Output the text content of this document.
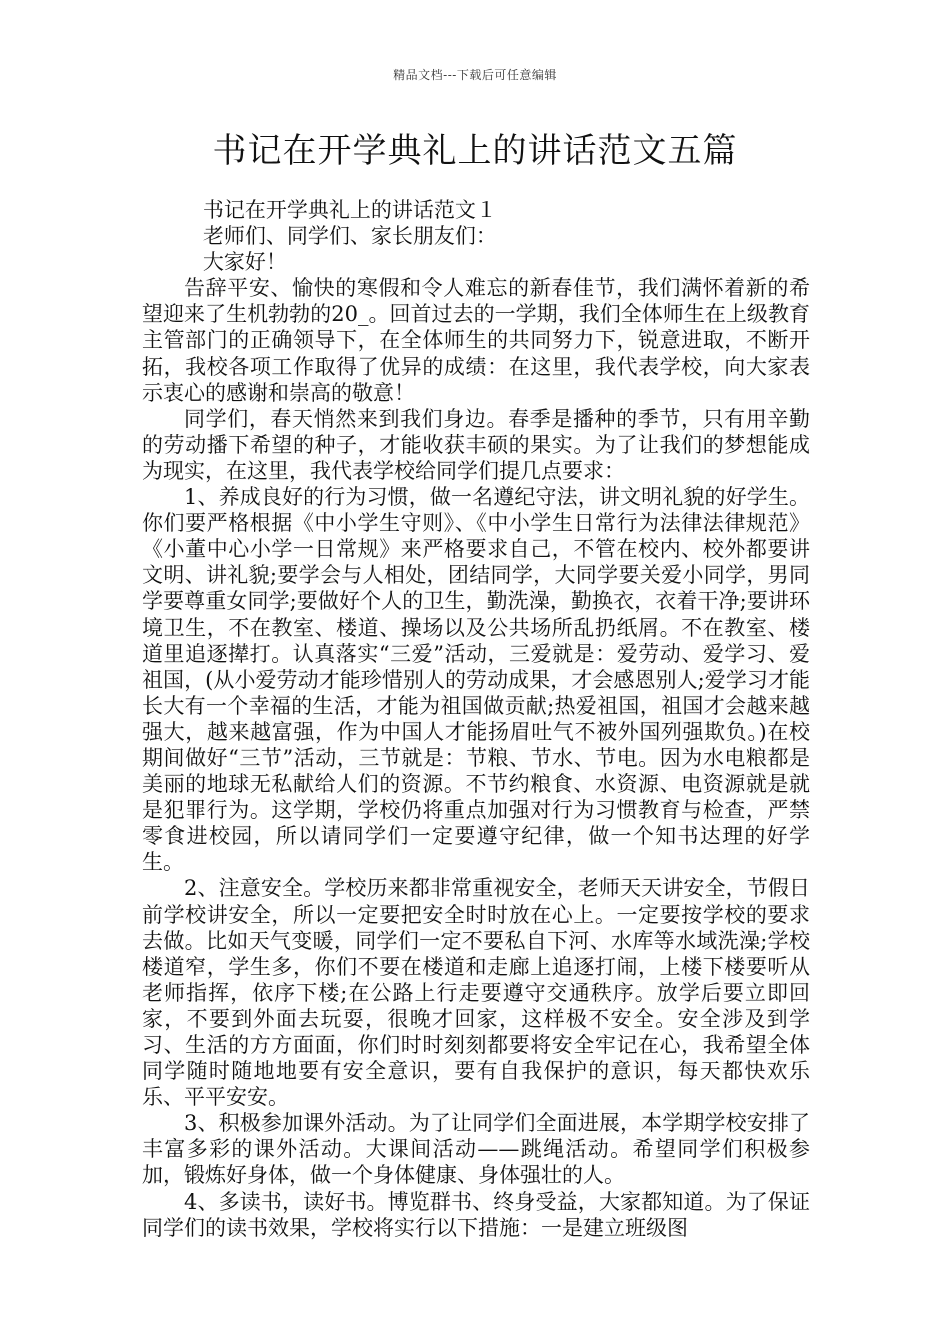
精品文档---下载后可任意编辑
书记在开学典礼上的讲话范文五篇

书记在开学典礼上的讲话范文１

老师们、同学们、家长朋友们：

大家好！

告辞平安、愉快的寒假和令人难忘的新春佳节，我们满怀着新的希望迎来了生机勃勃的20_。回首过去的一学期，我们全体师生在上级教育主管部门的正确领导下，在全体师生的共同努力下，锐意进取，不断开拓，我校各项工作取得了优异的成绩：在这里，我代表学校，向大家表示衷心的感谢和崇高的敬意！

同学们，春天悄然来到我们身边。春季是播种的季节，只有用辛勤的劳动播下希望的种子，才能收获丰硕的果实。为了让我们的梦想能成为现实，在这里，我代表学校给同学们提几点要求：

1、养成良好的行为习惯，做一名遵纪守法，讲文明礼貌的好学生。你们要严格根据《中小学生守则》、《中小学生日常行为法律法律规范》《小董中心小学一日常规》来严格要求自己，不管在校内、校外都要讲文明、讲礼貌;要学会与人相处，团结同学，大同学要关爱小同学，男同学要尊重女同学;要做好个人的卫生，勤洗澡，勤换衣，衣着干净;要讲环境卫生，不在教室、楼道、操场以及公共场所乱扔纸屑。不在教室、楼道里追逐撵打。认真落实“三爱”活动，三爱就是：爱劳动、爱学习、爱祖国，(从小爱劳动才能珍惜别人的劳动成果，才会感恩别人;爱学习才能长大有一个幸福的生活，才能为祖国做贡献;热爱祖国，祖国才会越来越强大，越来越富强，作为中国人才能扬眉吐气不被外国列强欺负。)在校期间做好“三节”活动，三节就是：节粮、节水、节电。因为水电粮都是美丽的地球无私献给人们的资源。不节约粮食、水资源、电资源就是就是犯罪行为。这学期，学校仍将重点加强对行为习惯教育与检查，严禁零食进校园，所以请同学们一定要遵守纪律，做一个知书达理的好学生。

2、注意安全。学校历来都非常重视安全，老师天天讲安全，节假日前学校讲安全，所以一定要把安全时时放在心上。一定要按学校的要求去做。比如天气变暖，同学们一定不要私自下河、水库等水域洗澡;学校楼道窄，学生多，你们不要在楼道和走廊上追逐打闹，上楼下楼要听从老师指挥，依序下楼;在公路上行走要遵守交通秩序。放学后要立即回家，不要到外面去玩耍，很晚才回家，这样极不安全。安全涉及到学习、生活的方方面面，你们时时刻刻都要将安全牢记在心，我希望全体同学随时随地地要有安全意识，要有自我保护的意识，每天都快欢乐乐、平平安安。

3、积极参加课外活动。为了让同学们全面进展，本学期学校安排了丰富多彩的课外活动。大课间活动——跳绳活动。希望同学们积极参加，锻炼好身体，做一个身体健康、身体强壮的人。

4、多读书，读好书。博览群书、终身受益，大家都知道。为了保证同学们的读书效果，学校将实行以下措施：一是建立班级图
